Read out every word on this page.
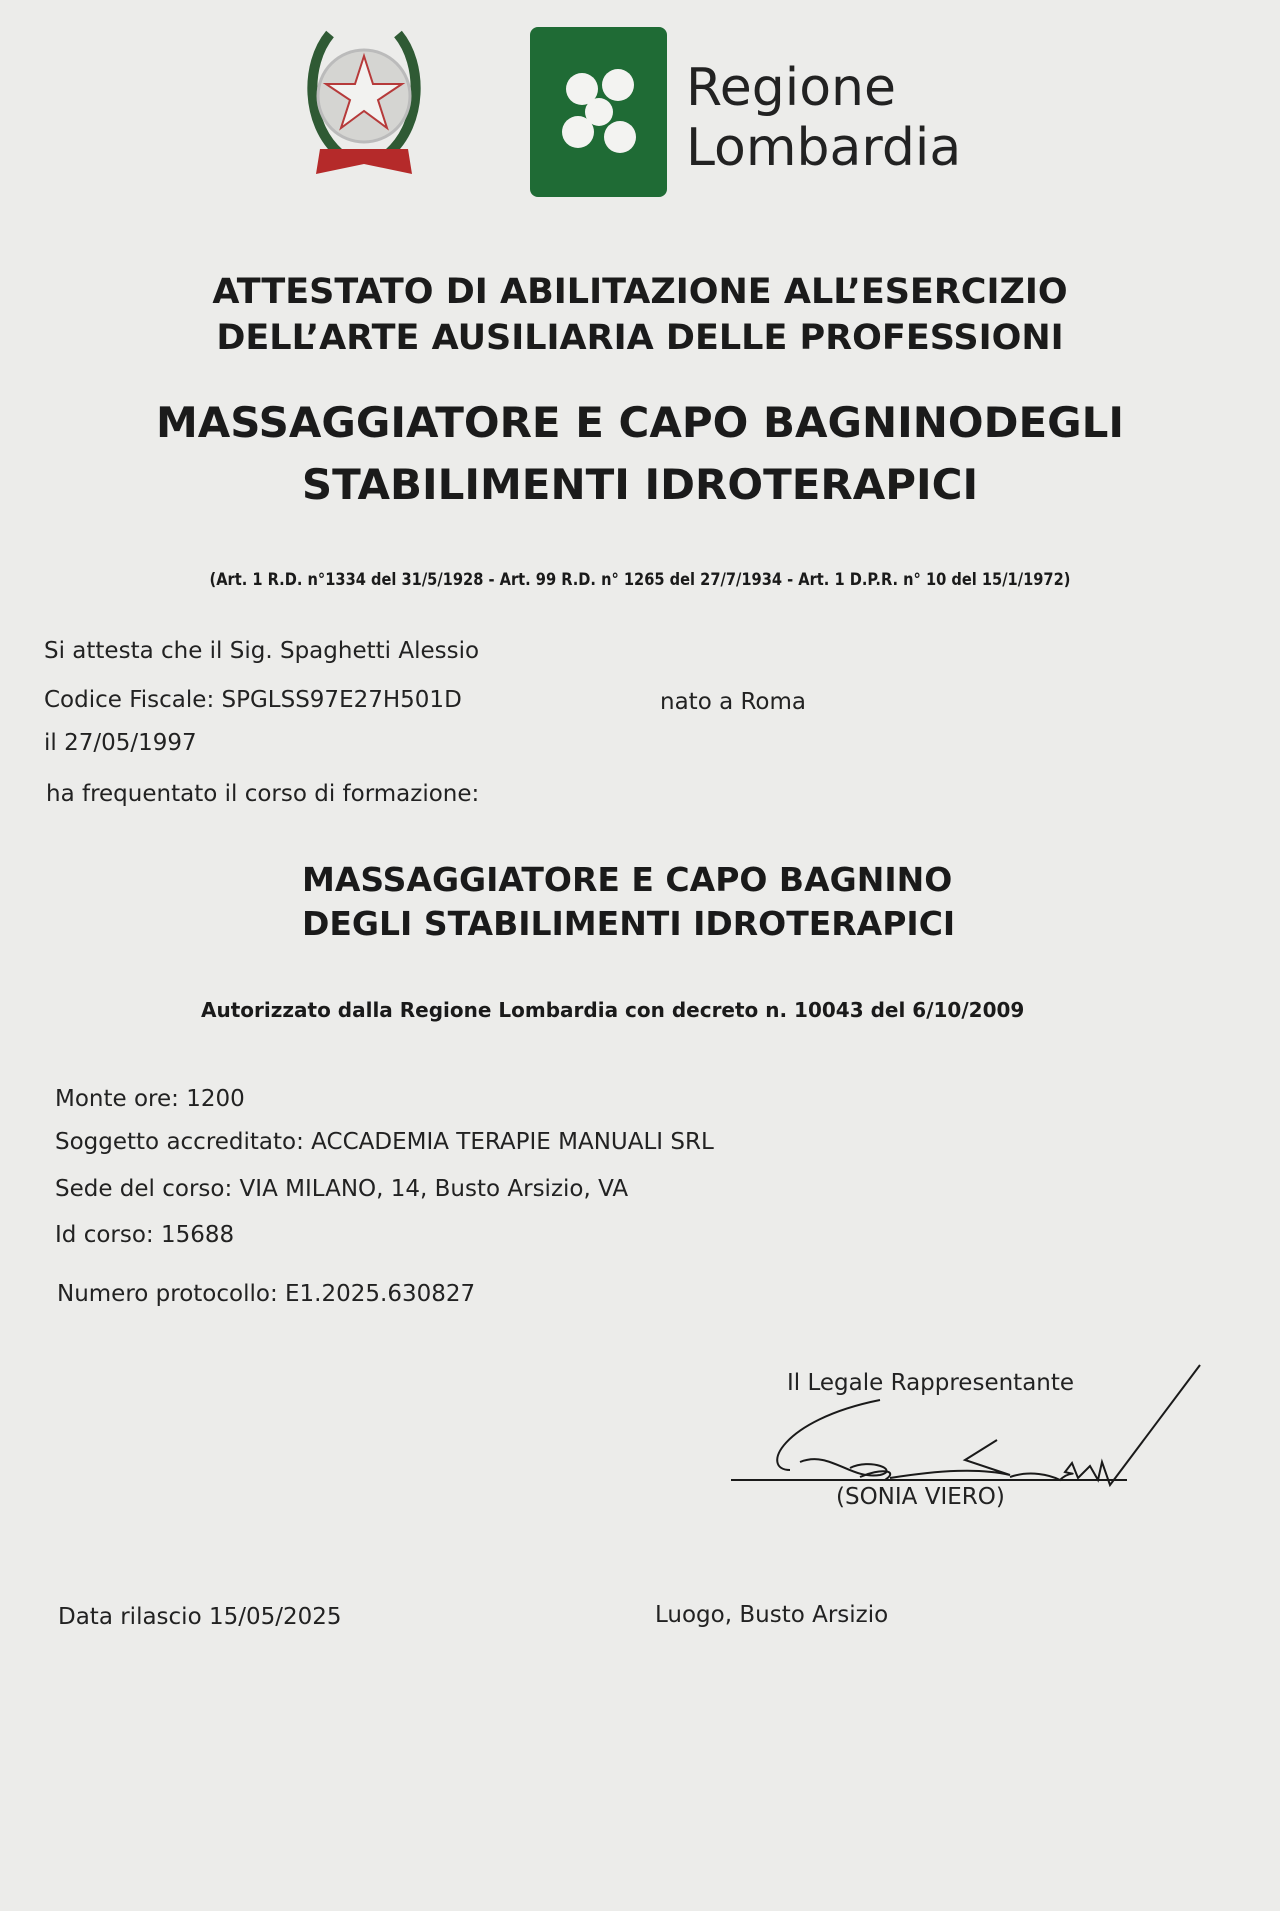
Regione
Lombardia
ATTESTATO DI ABILITAZIONE ALL’ESERCIZIO
DELL’ARTE AUSILIARIA DELLE PROFESSIONI
MASSAGGIATORE E CAPO BAGNINODEGLI
STABILIMENTI IDROTERAPICI
(Art. 1 R.D. n°1334 del 31/5/1928 - Art. 99 R.D. n° 1265 del 27/7/1934 - Art. 1 D.P.R. n° 10 del 15/1/1972)
Si attesta che il Sig. Spaghetti Alessio
Codice Fiscale: SPGLSS97E27H501D	nato a Roma
il 27/05/1997
ha frequentato il corso di formazione:
MASSAGGIATORE E CAPO BAGNINO
DEGLI STABILIMENTI IDROTERAPICI
Autorizzato dalla Regione Lombardia con decreto n. 10043 del 6/10/2009
Monte ore: 1200
Soggetto accreditato: ACCADEMIA TERAPIE MANUALI SRL
Sede del corso: VIA MILANO, 14, Busto Arsizio, VA
Id corso: 15688
Numero protocollo: E1.2025.630827
Il Legale Rappresentante
(SONIA VIERO)
Data rilascio 15/05/2025	Luogo, Busto Arsizio
